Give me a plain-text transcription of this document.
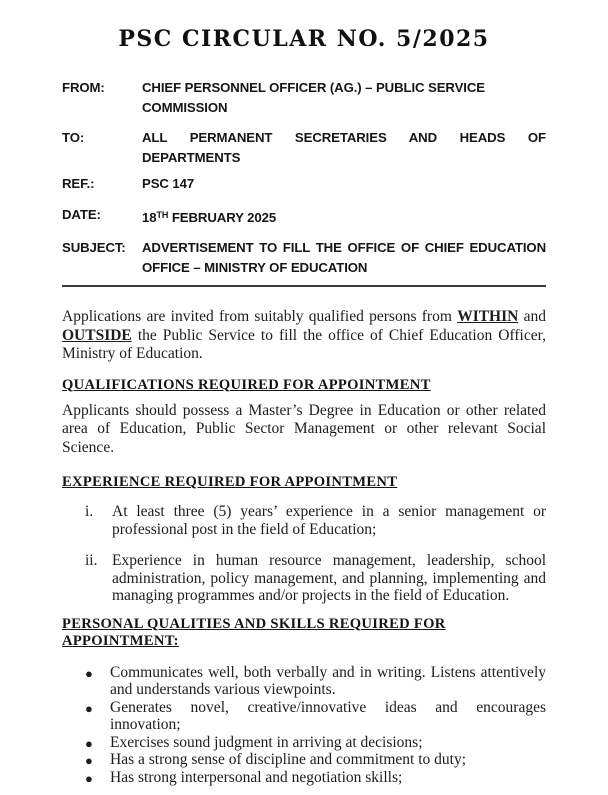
PSC CIRCULAR NO. 5/2025
FROM:	CHIEF PERSONNEL OFFICER (AG.) – PUBLIC SERVICE COMMISSION
TO:	ALL PERMANENT SECRETARIES AND HEADS OF DEPARTMENTS
REF.:	PSC 147
DATE:	18TH FEBRUARY 2025
SUBJECT:	ADVERTISEMENT TO FILL THE OFFICE OF CHIEF EDUCATION OFFICE – MINISTRY OF EDUCATION

Applications are invited from suitably qualified persons from WITHIN and OUTSIDE the Public Service to fill the office of Chief Education Officer, Ministry of Education.

QUALIFICATIONS REQUIRED FOR APPOINTMENT

Applicants should possess a Master’s Degree in Education or other related area of Education, Public Sector Management or other relevant Social Science.

EXPERIENCE REQUIRED FOR APPOINTMENT
i. At least three (5) years’ experience in a senior management or professional post in the field of Education;
ii. Experience in human resource management, leadership, school administration, policy management, and planning, implementing and managing programmes and/or projects in the field of Education.
PERSONAL QUALITIES AND SKILLS REQUIRED FOR APPOINTMENT:
● Communicates well, both verbally and in writing. Listens attentively and understands various viewpoints.
● Generates novel, creative/innovative ideas and encourages innovation;
● Exercises sound judgment in arriving at decisions;
● Has a strong sense of discipline and commitment to duty;
● Has strong interpersonal and negotiation skills;
